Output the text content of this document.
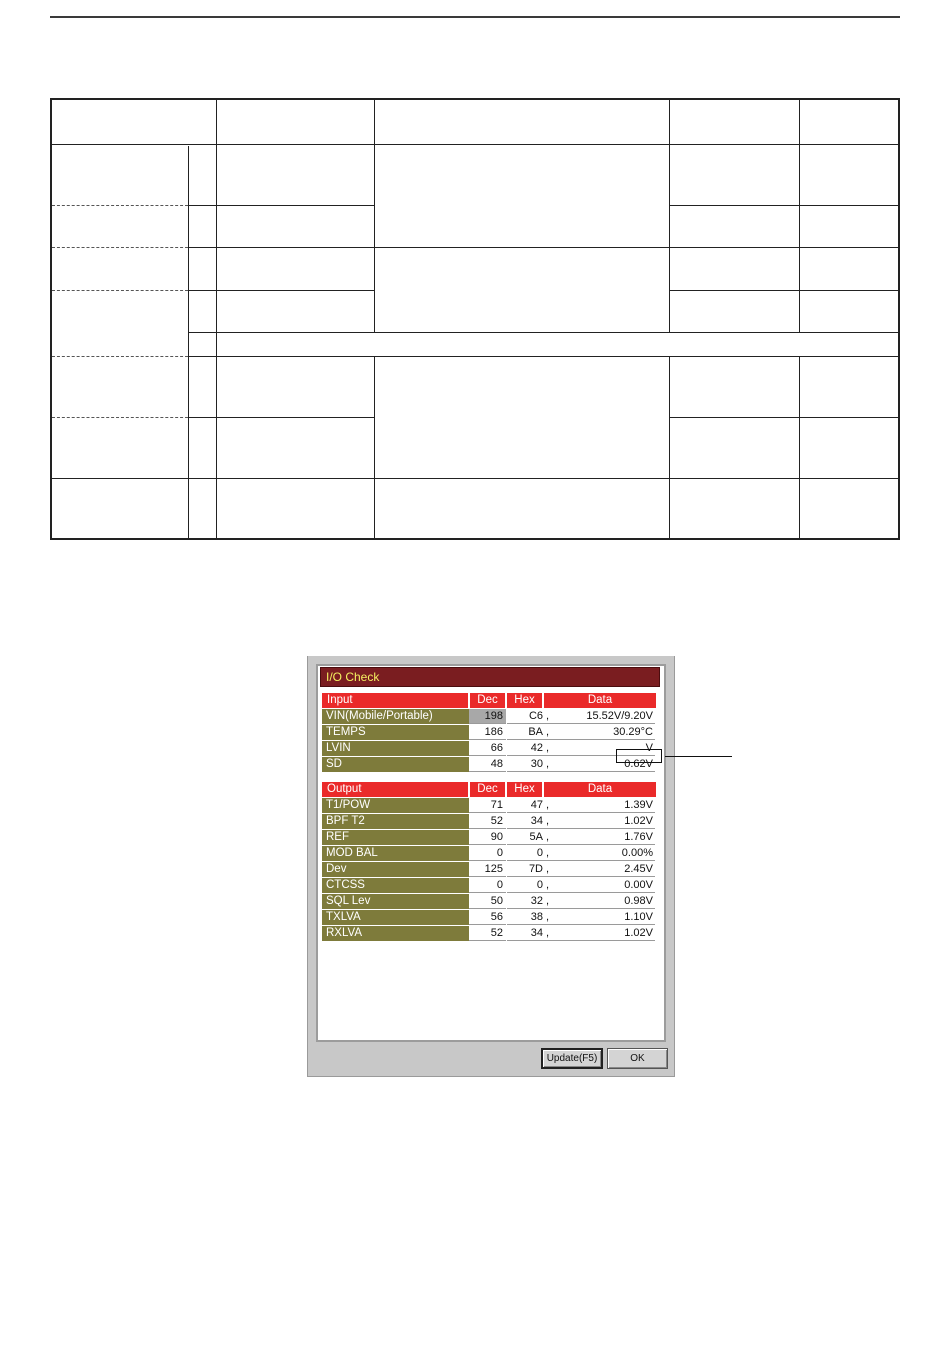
I/O Check
Input	Dec	Hex	Data
VIN(Mobile/Portable)	198	C6 ,	15.52V/9.20V
TEMPS	186	BA ,	30.29°C
LVIN	66	42 ,	V
SD	48	30 ,	0.62V
Output	Dec	Hex	Data
T1/POW	71	47 ,	1.39V
BPF T2	52	34 ,	1.02V
REF	90	5A ,	1.76V
MOD BAL	0	0 ,	0.00%
Dev	125	7D ,	2.45V
CTCSS	0	0 ,	0.00V
SQL Lev	50	32 ,	0.98V
TXLVA	56	38 ,	1.10V
RXLVA	52	34 ,	1.02V
Update(F5)	OK
